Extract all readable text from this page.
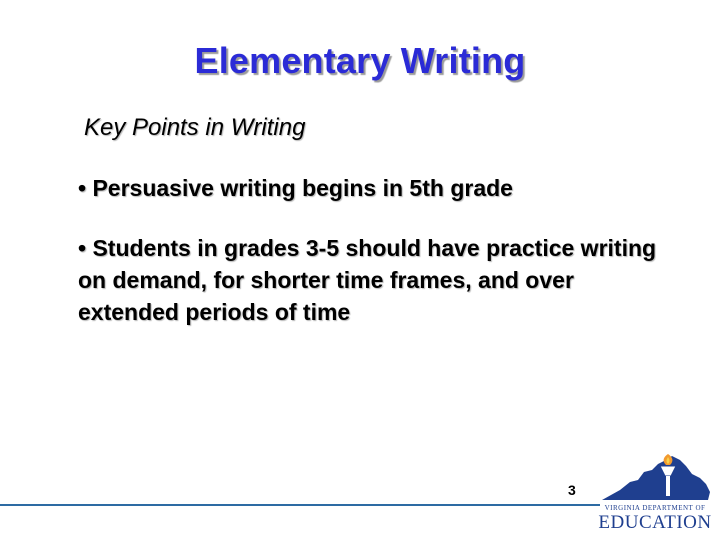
Elementary Writing
Key Points in Writing
• Persuasive writing begins in 5th grade
• Students in grades 3-5 should have practice writing on demand, for shorter time frames, and over extended periods of time
3
VIRGINIA DEPARTMENT OF
EDUCATION
